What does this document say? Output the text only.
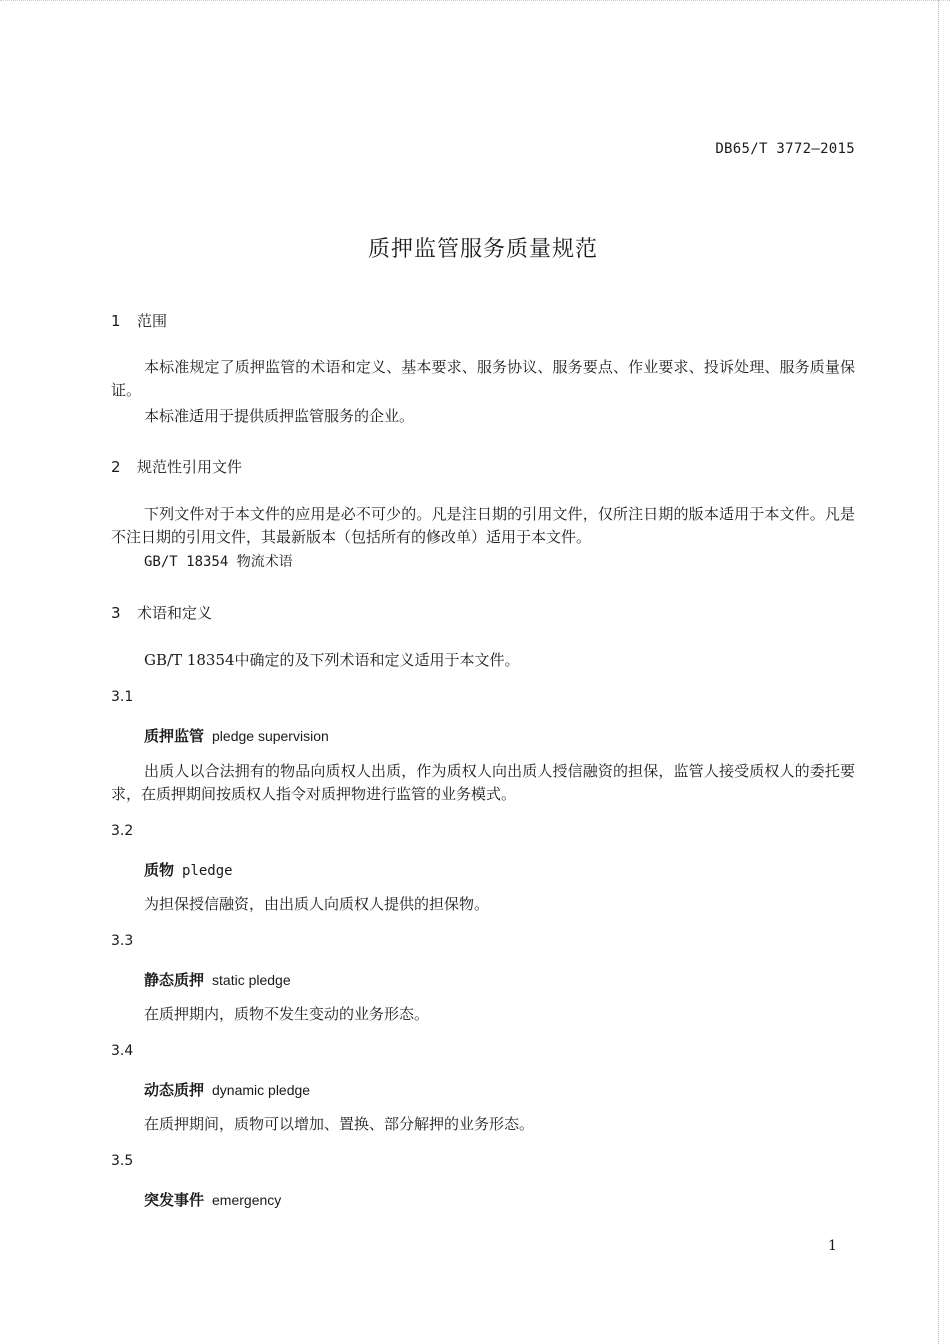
DB65/T 3772—2015
质押监管服务质量规范
1 范围
本标准规定了质押监管的术语和定义、基本要求、服务协议、服务要点、作业要求、投诉处理、服务质量保证。
本标准适用于提供质押监管服务的企业。
2 规范性引用文件
下列文件对于本文件的应用是必不可少的。凡是注日期的引用文件，仅所注日期的版本适用于本文件。凡是不注日期的引用文件，其最新版本（包括所有的修改单）适用于本文件。
GB/T 18354 物流术语
3 术语和定义
GB/T 18354中确定的及下列术语和定义适用于本文件。
3.1
质押监管 pledge supervision
出质人以合法拥有的物品向质权人出质，作为质权人向出质人授信融资的担保，监管人接受质权人的委托要求，在质押期间按质权人指令对质押物进行监管的业务模式。
3.2
质物 pledge
为担保授信融资，由出质人向质权人提供的担保物。
3.3
静态质押 static pledge
在质押期内，质物不发生变动的业务形态。
3.4
动态质押 dynamic pledge
在质押期间，质物可以增加、置换、部分解押的业务形态。
3.5
突发事件 emergency
1
